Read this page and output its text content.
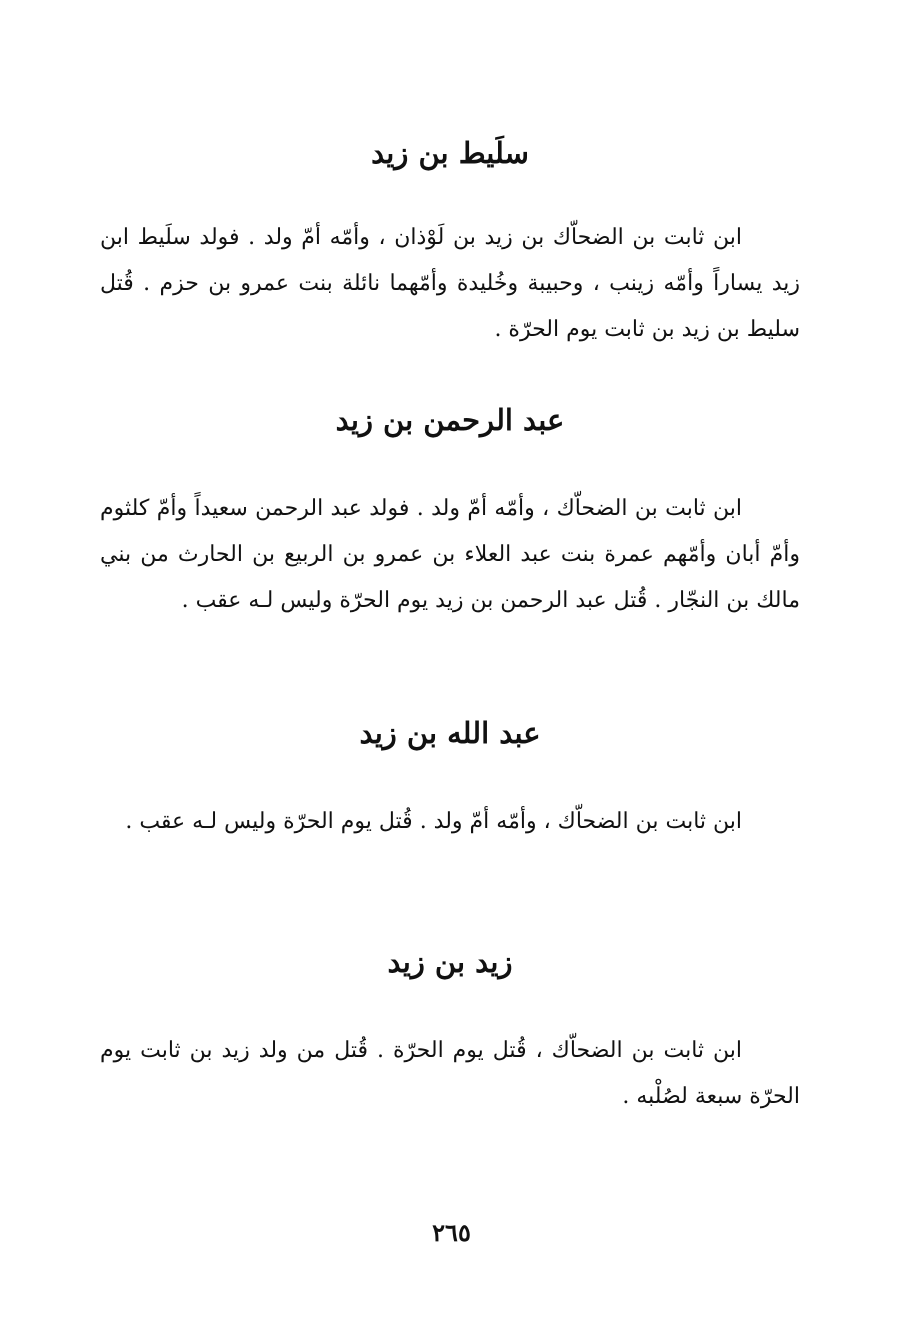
سلَيط بن زيد

ابن ثابت بن الضحاّك بن زيد بن لَوْذان ، وأمّه أمّ ولد . فولد سلَيط ابن زيد يساراً وأمّه زينب ، وحبيبة وخُليدة وأمّهما نائلة بنت عمرو بن حزم . قُتل سليط بن زيد بن ثابت يوم الحرّة .

عبد الرحمن بن زيد

ابن ثابت بن الضحاّك ، وأمّه أمّ ولد . فولد عبد الرحمن سعيداً وأمّ كلثوم وأمّ أبان وأمّهم عمرة بنت عبد العلاء بن عمرو بن الربيع بن الحارث من بني مالك بن النجّار . قُتل عبد الرحمن بن زيد يوم الحرّة وليس لـه عقب .

عبد الله بن زيد

ابن ثابت بن الضحاّك ، وأمّه أمّ ولد . قُتل يوم الحرّة وليس لـه عقب .

زيد بن زيد

ابن ثابت بن الضحاّك ، قُتل يوم الحرّة . قُتل من ولد زيد بن ثابت يوم الحرّة سبعة لصُلْبه .

٢٦٥
